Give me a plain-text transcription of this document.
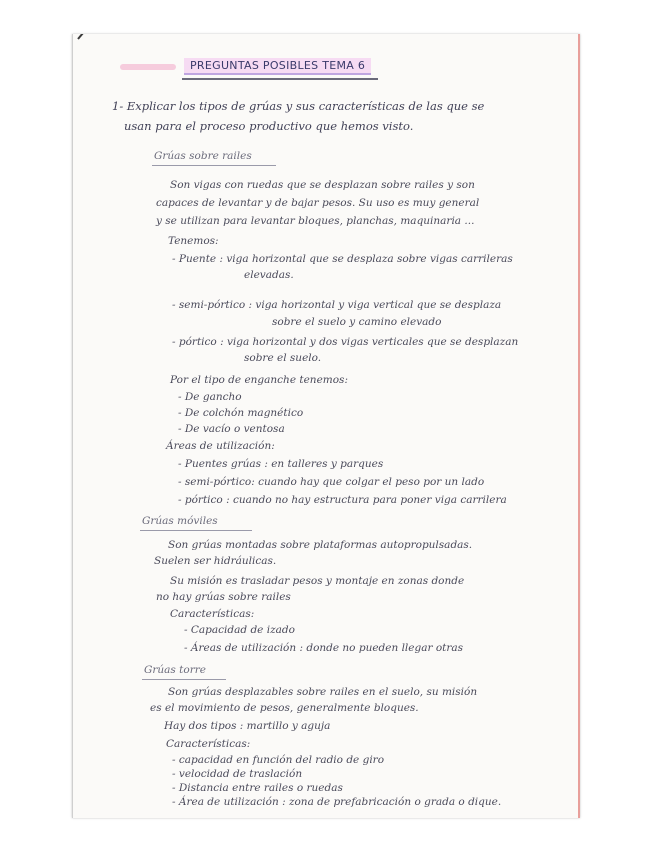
PREGUNTAS POSIBLES TEMA 6
1- Explicar los tipos de grúas y sus características de las que se
usan para el proceso productivo que hemos visto.
Grúas sobre railes
Son vigas con ruedas que se desplazan sobre railes y son
capaces de levantar y de bajar pesos. Su uso es muy general
y se utilizan para levantar bloques, planchas, maquinaria ...
Tenemos:
- Puente : viga horizontal que se desplaza sobre vigas carrileras
elevadas.
- semi-pórtico : viga horizontal y viga vertical que se desplaza
sobre el suelo y camino elevado
- pórtico : viga horizontal y dos vigas verticales que se desplazan
sobre el suelo.
Por el tipo de enganche tenemos:
- De gancho
- De colchón magnético
- De vacío o ventosa
Áreas de utilización:
- Puentes grúas : en talleres y parques
- semi-pórtico: cuando hay que colgar el peso por un lado
- pórtico : cuando no hay estructura para poner viga carrilera
Grúas móviles
Son grúas montadas sobre plataformas autopropulsadas.
Suelen ser hidráulicas.
Su misión es trasladar pesos y montaje en zonas donde
no hay grúas sobre railes
Características:
- Capacidad de izado
- Áreas de utilización : donde no pueden llegar otras
Grúas torre
Son grúas desplazables sobre railes en el suelo, su misión
es el movimiento de pesos, generalmente bloques.
Hay dos tipos : martillo y aguja
Características:
- capacidad en función del radio de giro
- velocidad de traslación
- Distancia entre railes o ruedas
- Área de utilización : zona de prefabricación o grada o dique.
